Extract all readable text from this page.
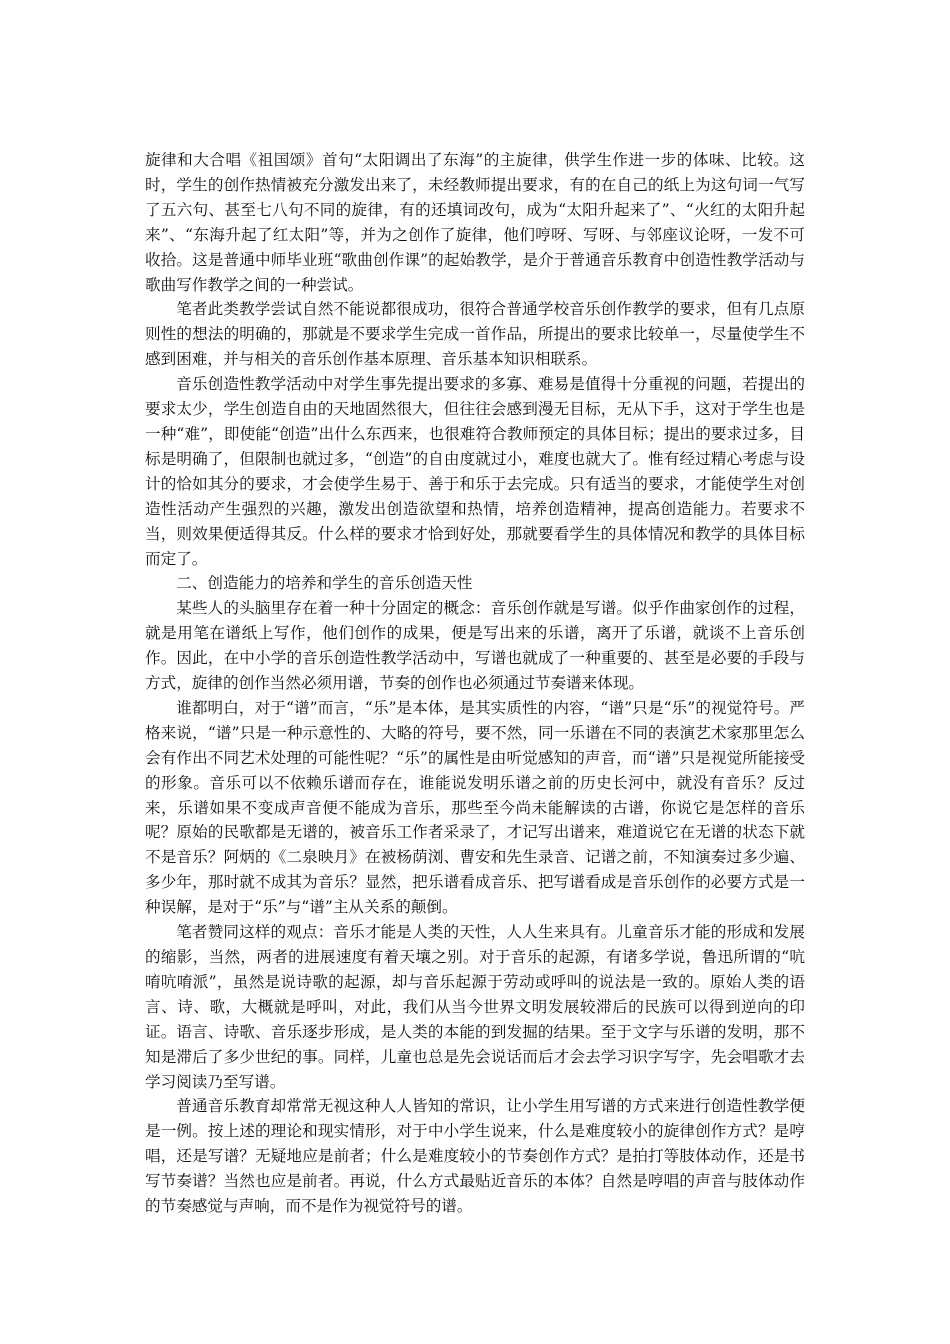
旋律和大合唱《祖国颂》首句“太阳调出了东海”的主旋律，供学生作进一步的体味、比较。这时，学生的创作热情被充分激发出来了，未经教师提出要求，有的在自己的纸上为这句词一气写了五六句、甚至七八句不同的旋律，有的还填词改句，成为“太阳升起来了”、“火红的太阳升起来”、“东海升起了红太阳”等，并为之创作了旋律，他们哼呀、写呀、与邻座议论呀，一发不可收拾。这是普通中师毕业班“歌曲创作课”的起始教学，是介于普通音乐教育中创造性教学活动与歌曲写作教学之间的一种尝试。

笔者此类教学尝试自然不能说都很成功，很符合普通学校音乐创作教学的要求，但有几点原则性的想法的明确的，那就是不要求学生完成一首作品，所提出的要求比较单一，尽量使学生不感到困难，并与相关的音乐创作基本原理、音乐基本知识相联系。

音乐创造性教学活动中对学生事先提出要求的多寡、难易是值得十分重视的问题，若提出的要求太少，学生创造自由的天地固然很大，但往往会感到漫无目标，无从下手，这对于学生也是一种“难”，即使能“创造”出什么东西来，也很难符合教师预定的具体目标；提出的要求过多，目标是明确了，但限制也就过多，“创造”的自由度就过小，难度也就大了。惟有经过精心考虑与设计的恰如其分的要求，才会使学生易于、善于和乐于去完成。只有适当的要求，才能使学生对创造性活动产生强烈的兴趣，激发出创造欲望和热情，培养创造精神，提高创造能力。若要求不当，则效果便适得其反。什么样的要求才恰到好处，那就要看学生的具体情况和教学的具体目标而定了。

二、创造能力的培养和学生的音乐创造天性

某些人的头脑里存在着一种十分固定的概念：音乐创作就是写谱。似乎作曲家创作的过程，就是用笔在谱纸上写作，他们创作的成果，便是写出来的乐谱，离开了乐谱，就谈不上音乐创作。因此，在中小学的音乐创造性教学活动中，写谱也就成了一种重要的、甚至是必要的手段与方式，旋律的创作当然必须用谱，节奏的创作也必须通过节奏谱来体现。

谁都明白，对于“谱”而言，“乐”是本体，是其实质性的内容，“谱”只是“乐”的视觉符号。严格来说，“谱”只是一种示意性的、大略的符号，要不然，同一乐谱在不同的表演艺术家那里怎么会有作出不同艺术处理的可能性呢？“乐”的属性是由听觉感知的声音，而“谱”只是视觉所能接受的形象。音乐可以不依赖乐谱而存在，谁能说发明乐谱之前的历史长河中，就没有音乐？反过来，乐谱如果不变成声音便不能成为音乐，那些至今尚未能解读的古谱，你说它是怎样的音乐呢？原始的民歌都是无谱的，被音乐工作者采录了，才记写出谱来，难道说它在无谱的状态下就不是音乐？阿炳的《二泉映月》在被杨荫浏、曹安和先生录音、记谱之前，不知演奏过多少遍、多少年，那时就不成其为音乐？显然，把乐谱看成音乐、把写谱看成是音乐创作的必要方式是一种误解，是对于“乐”与“谱”主从关系的颠倒。

笔者赞同这样的观点：音乐才能是人类的天性，人人生来具有。儿童音乐才能的形成和发展的缩影，当然，两者的进展速度有着天壤之别。对于音乐的起源，有诸多学说，鲁迅所谓的“吭唷吭唷派”，虽然是说诗歌的起源，却与音乐起源于劳动或呼叫的说法是一致的。原始人类的语言、诗、歌，大概就是呼叫，对此，我们从当今世界文明发展较滞后的民族可以得到逆向的印证。语言、诗歌、音乐逐步形成，是人类的本能的到发掘的结果。至于文字与乐谱的发明，那不知是滞后了多少世纪的事。同样，儿童也总是先会说话而后才会去学习识字写字，先会唱歌才去学习阅读乃至写谱。

普通音乐教育却常常无视这种人人皆知的常识，让小学生用写谱的方式来进行创造性教学便是一例。按上述的理论和现实情形，对于中小学生说来，什么是难度较小的旋律创作方式？是哼唱，还是写谱？无疑地应是前者；什么是难度较小的节奏创作方式？是拍打等肢体动作，还是书写节奏谱？当然也应是前者。再说，什么方式最贴近音乐的本体？自然是哼唱的声音与肢体动作的节奏感觉与声响，而不是作为视觉符号的谱。
